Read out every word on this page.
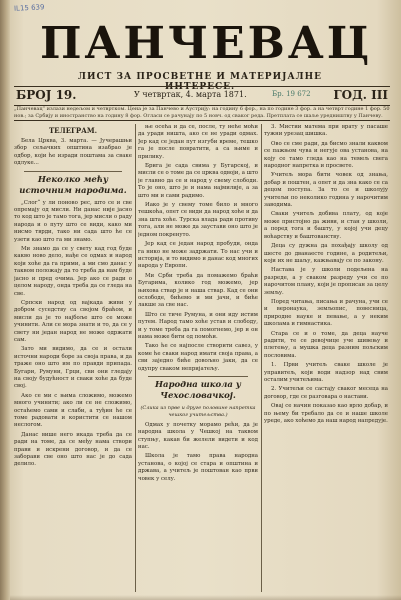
IL15 639
ПАНЧЕВАЦ
ЛИСТ ЗА ПРОСВЕТНЕ И МАТЕРИЈАЛНЕ ИНТЕРЕСЕ.
БРОЈ 19.	У четвртак, 4. марта 1871.	Бр. 19 672 ГОД. III
„Панчевац“ излази недељом и четвртком. Цена је за Панчево и Аустрију: на годину 6 фор., на по године 3 фор. а на четврт године 1 фор. 50 нов.; за Србију и иностранство на годину 8 фор. Огласи се рачунају по 5 новч. од сваког реда. Претплата се шаље уредништву у Панчеву.
ТЕЛЕГРАМ.

Бела Црква, 3. марта. — Јучерашњи збор сељачких општина изабрао је одбор, који ће изради поштама за сваке одлуке...

Неколко мећу источним народима.

„Слог“ у ли поново рес, што се и све опремају од мисли. Ни данас није јасно то код што је тамо тога, јер мисли о раду народа и о путу што се види, како ми нисмо тврди, тако ни сада што ће се узети као што га ми знамо.

Ми знамо да се у свету кад год буде какво ново дело, нађе се одмах и народ који хоће да га прими, а ми смо данас у таквом положају да то треба да нам буде јасно и пред очима. Јер ако се ради о целом народу, онда треба да се гледа на све.

Српски народ од вајкада живи у добром суседству са својом браћом, и мисли да је то најбоље што се може учинити. Али се мора знати и то, да се у свету ни један народ не може одржати сам.

Зато ми видимо, да се и остали источни народи боре за своја права, и да траже оно што им по правди припада. Бугари, Румуни, Грци, сви они гледају на своју будућност и сваки хоће да буде свој.

Ако се ми с њима сложимо, можемо много учинити; ако ли се не сложимо, остаћемо сами и слаби, а туђин ће се томе радовати и користити се нашом неслогом.

Данас више него икада треба да се ради на томе, да се међу нама створи прави и искрени договор, и да се заборави све оно што нас је до сада делило.

ње осећа и да се, после, ту неће моћи да уради ништа, ако се не уради одмах. Јер кад се један пут изгуби време, тешко га је после повратити, а са њиме и прилику.

Брига је сада свима у Бугарској, и мисли се о томе да се црква одвоји, а што је главно да се и народ у свему слободи. То је оно, што је и нама најмилије, а за што ми и сами радимо.

Иако је у свему томе било и много тешкоћа, опет се види да народ хоће и да зна шта хоће. Турска влада ради противу тога, али не може да заустави оно што је једном покренуто.

Јер кад се један народ пробуди, онда га нико не може задржати. То нас учи и историја, и то видимо и данас код многих народа у Европи.

Ми Срби треба да помажемо браћи Бугарима, колико год можемо, јер њихова ствар је и наша ствар. Кад се они ослободе, бићемо и ми јачи, и биће лакше за све нас.

Што се тиче Румуна, и они иду истим путем. Народ тамо хоће устав и слободу, и у томе треба да га помогнемо, јер и он нама може бити од помоћи.

Тако ће се најпосле створити савез, у коме ће сваки народ имати своја права, а сви заједно биће довољно јаки, да се одупру сваком непријатељу.

Народна школа у Чехословачкој.

(Слика из прве и друге половине напретка чешког учитељства.)

Одмах у почетку морамо рећи, да је народна школа у Чешкој на таквом ступњу, какав би желели видети и код нас.

Школа је тамо права народна установа, о којој се стара и општина и држава, а учитељ је поштован као први човек у селу.

3. Мистии матема при врату у пасаше тужни урезац шишка.

Ово се сме ради, да бисмо знали каквом се пажњом чува и негује ова установа, на коју се тамо гледа као на темељ свега народног напретка и просвете.

Учитељ мора бити човек од знања, добар и поштен, а опет и да зна како се са децом поступа. За то се и школују учитељи по неколико година у нарочитим заводима.

Сваки учитељ добива плату, од које може пристојно да живи, и стан у школи, а поред тога и башту, у којој учи децу воћарству и баштованству.

Деца су дужна да похађају школу од шесте до дванаесте године, а родитељи, који их не шаљу, кажњавају се по закону.

Настава је у школи подељена на разреде, а у сваком разреду учи се по нарочитом плану, који је прописан за целу земљу.

Поред читања, писања и рачуна, учи се и веронаука, земљопис, повесница, природне науке и певање, а у неким школама и гимнастика.

Стара се и о томе, да деца науче радити, те се девојчице уче шивењу и плетењу, а мушка деца разним пољским пословима.

1. Први учитељ сваке школе је управитељ, који води надзор над свим осталим учитељима.

2. Учитељи се састају сваког месеца на договор, где се разговара о настави.

Овај се начин показао као врло добар, и по њему би требало да се и наше школе уреде, ако хоћемо да наш народ напредује.
